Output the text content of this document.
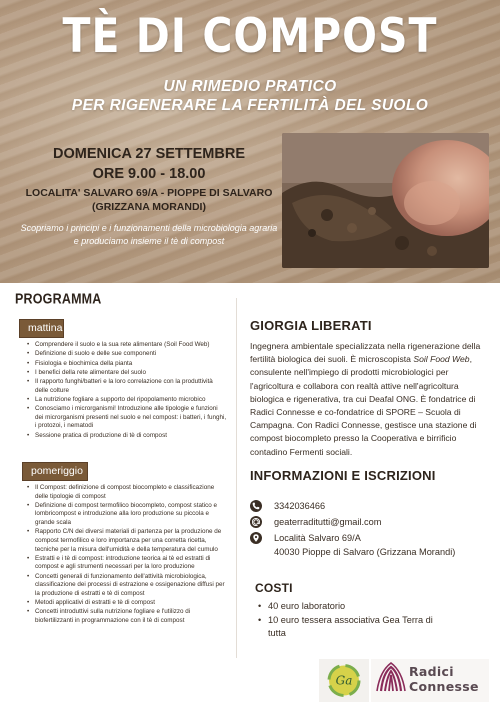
TÈ DI COMPOST
UN RIMEDIO PRATICO
PER RIGENERARE LA FERTILITÀ DEL SUOLO
DOMENICA 27 SETTEMBRE
ORE 9.00 - 18.00
LOCALITA' SALVARO 69/A - PIOPPE DI SALVARO
(GRIZZANA MORANDI)
Scopriamo i principi e i funzionamenti della microbiologia agraria e produciamo insieme il tè di compost
PROGRAMMA
mattina
• Comprendere il suolo e la sua rete alimentare (Soil Food Web)
• Definizione di suolo e delle sue componenti
• Fisiologia e biochimica della pianta
• I benefici della rete alimentare del suolo
• Il rapporto funghi/batteri e la loro correlazione con la produttività delle colture
• La nutrizione fogliare a supporto del ripopolamento microbico
• Conosciamo i microrganismi! Introduzione alle tipologie e funzioni dei microrganismi presenti nel suolo e nel compost: i batteri, i funghi, i protozoi, i nematodi
• Sessione pratica di produzione di tè di compost
pomeriggio
• Il Compost: definizione di compost biocompleto e classificazione delle tipologie di compost
• Definizione di compost termofilico biocompleto, compost statico e lombricompost e introduzione alla loro produzione su piccola e grande scala
• Rapporto C/N dei diversi materiali di partenza per la produzione de compost termofilico e loro importanza per una corretta ricetta, tecniche per la misura dell'umidità e della temperatura del cumulo
• Estratti e i tè di compost: introduzione teorica ai tè ed estratti di compost e agli strumenti necessari per la loro produzione
• Concetti generali di funzionamento dell'attività microbiologica, classificazione dei processi di estrazione e ossigenazione diffusi per la produzione di estratti e tè di compost
• Metodi applicativi di estratti e tè di compost
• Concetti introduttivi sulla nutrizione fogliare e l'utilizzo di biofertilizzanti in programmazione con il tè di compost
GIORGIA LIBERATI
Ingegnera ambientale specializzata nella rigenerazione della fertilità biologica dei suoli. È microscopista Soil Food Web, consulente nell'impiego di prodotti microbiologici per l'agricoltura e collabora con realtà attive nell'agricoltura biologica e rigenerativa, tra cui Deafal ONG. È fondatrice di Radici Connesse e co-fondatrice di SPORE – Scuola di Campagna. Con Radici Connesse, gestisce una stazione di compost biocompleto presso la Cooperativa e birrificio contadino Fermenti sociali.
INFORMAZIONI E ISCRIZIONI
3342036466
geaterradituttі@gmail.com
Località Salvaro 69/A
40030 Pioppe di Salvaro (Grizzana Morandi)
COSTI
• 40 euro laboratorio
• 10 euro tessera associativa Gea Terra di tutta
Ga
Radici
Connesse
